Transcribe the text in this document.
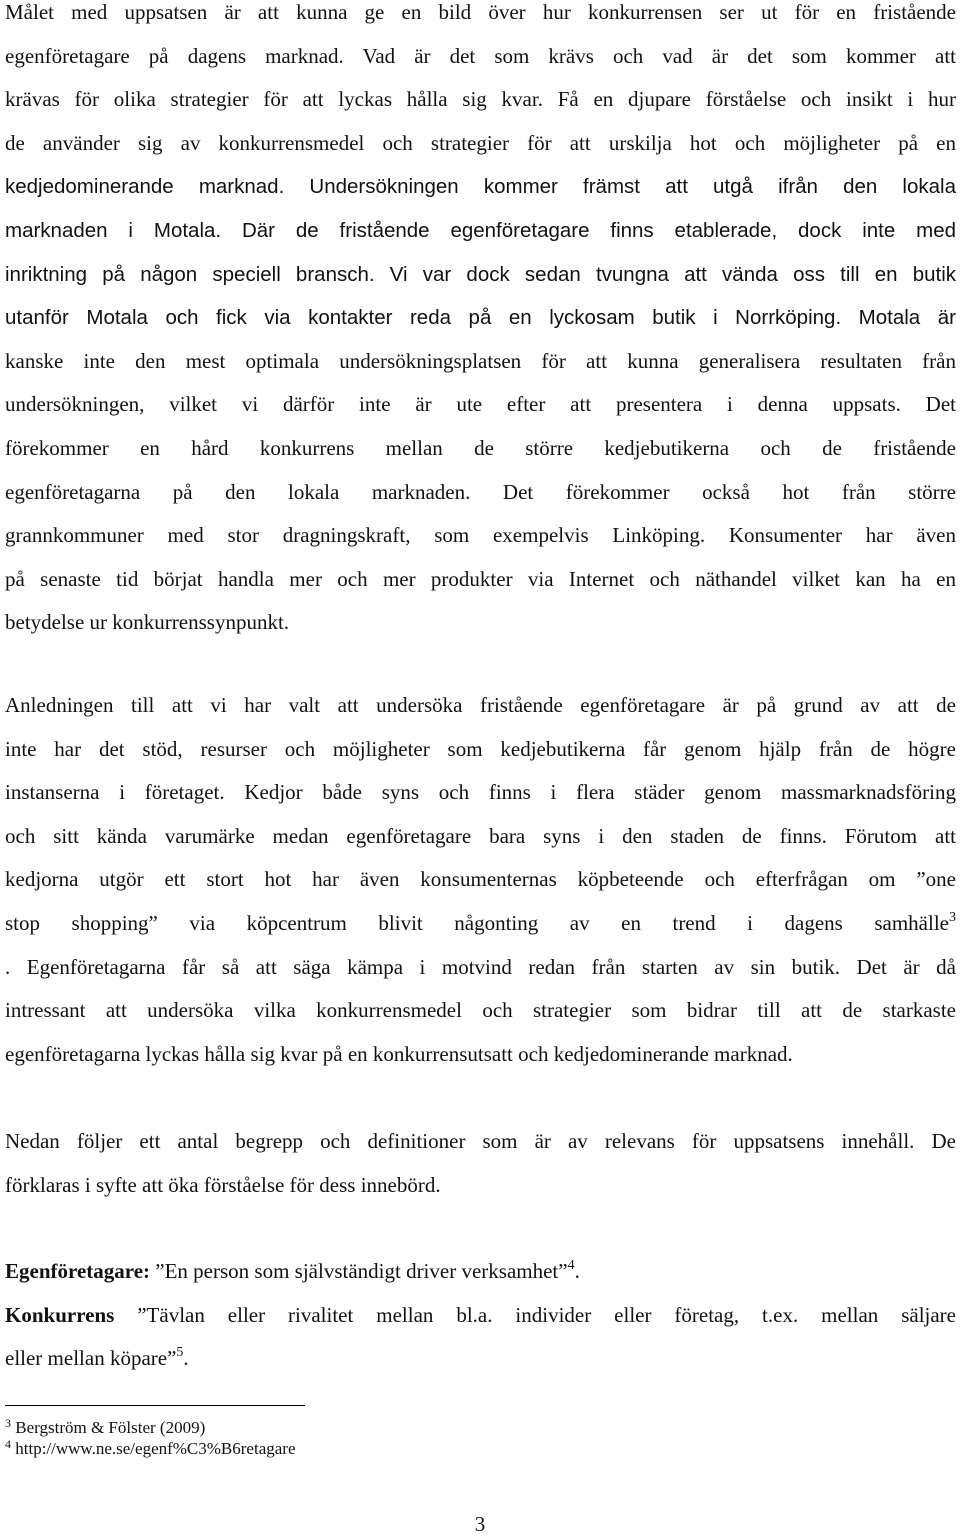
Målet med uppsatsen är att kunna ge en bild över hur konkurrensen ser ut för en fristående
egenföretagare på dagens marknad. Vad är det som krävs och vad är det som kommer att
krävas för olika strategier för att lyckas hålla sig kvar. Få en djupare förståelse och insikt i hur
de använder sig av konkurrensmedel och strategier för att urskilja hot och möjligheter på en
kedjedominerande marknad. Undersökningen kommer främst att utgå ifrån den lokala
marknaden i Motala. Där de fristående egenföretagare finns etablerade, dock inte med
inriktning på någon speciell bransch. Vi var dock sedan tvungna att vända oss till en butik
utanför Motala och fick via kontakter reda på en lyckosam butik i Norrköping. Motala är
kanske inte den mest optimala undersökningsplatsen för att kunna generalisera resultaten från
undersökningen, vilket vi därför inte är ute efter att presentera i denna uppsats. Det
förekommer en hård konkurrens mellan de större kedjebutikerna och de fristående
egenföretagarna på den lokala marknaden. Det förekommer också hot från större
grannkommuner med stor dragningskraft, som exempelvis Linköping. Konsumenter har även
på senaste tid börjat handla mer och mer produkter via Internet och näthandel vilket kan ha en
betydelse ur konkurrenssynpunkt.
Anledningen till att vi har valt att undersöka fristående egenföretagare är på grund av att de
inte har det stöd, resurser och möjligheter som kedjebutikerna får genom hjälp från de högre
instanserna i företaget. Kedjor både syns och finns i flera städer genom massmarknadsföring
och sitt kända varumärke medan egenföretagare bara syns i den staden de finns. Förutom att
kedjorna utgör ett stort hot har även konsumenternas köpbeteende och efterfrågan om ”one
stop shopping” via köpcentrum blivit någonting av en trend i dagens samhälle$^3$
. Egenföretagarna får så att säga kämpa i motvind redan från starten av sin butik. Det är då
intressant att undersöka vilka konkurrensmedel och strategier som bidrar till att de starkaste
egenföretagarna lyckas hålla sig kvar på en konkurrensutsatt och kedjedominerande marknad.
Nedan följer ett antal begrepp och definitioner som är av relevans för uppsatsens innehåll. De
förklaras i syfte att öka förståelse för dess innebörd.
Egenföretagare: ”En person som självständigt driver verksamhet”$^4$.
Konkurrens ”Tävlan eller rivalitet mellan bl.a. individer eller företag, t.ex. mellan säljare
eller mellan köpare”$^5$.
$^3$ Bergström & Fölster (2009)
$^4$ http://www.ne.se/egenf%C3%B6retagare
3
